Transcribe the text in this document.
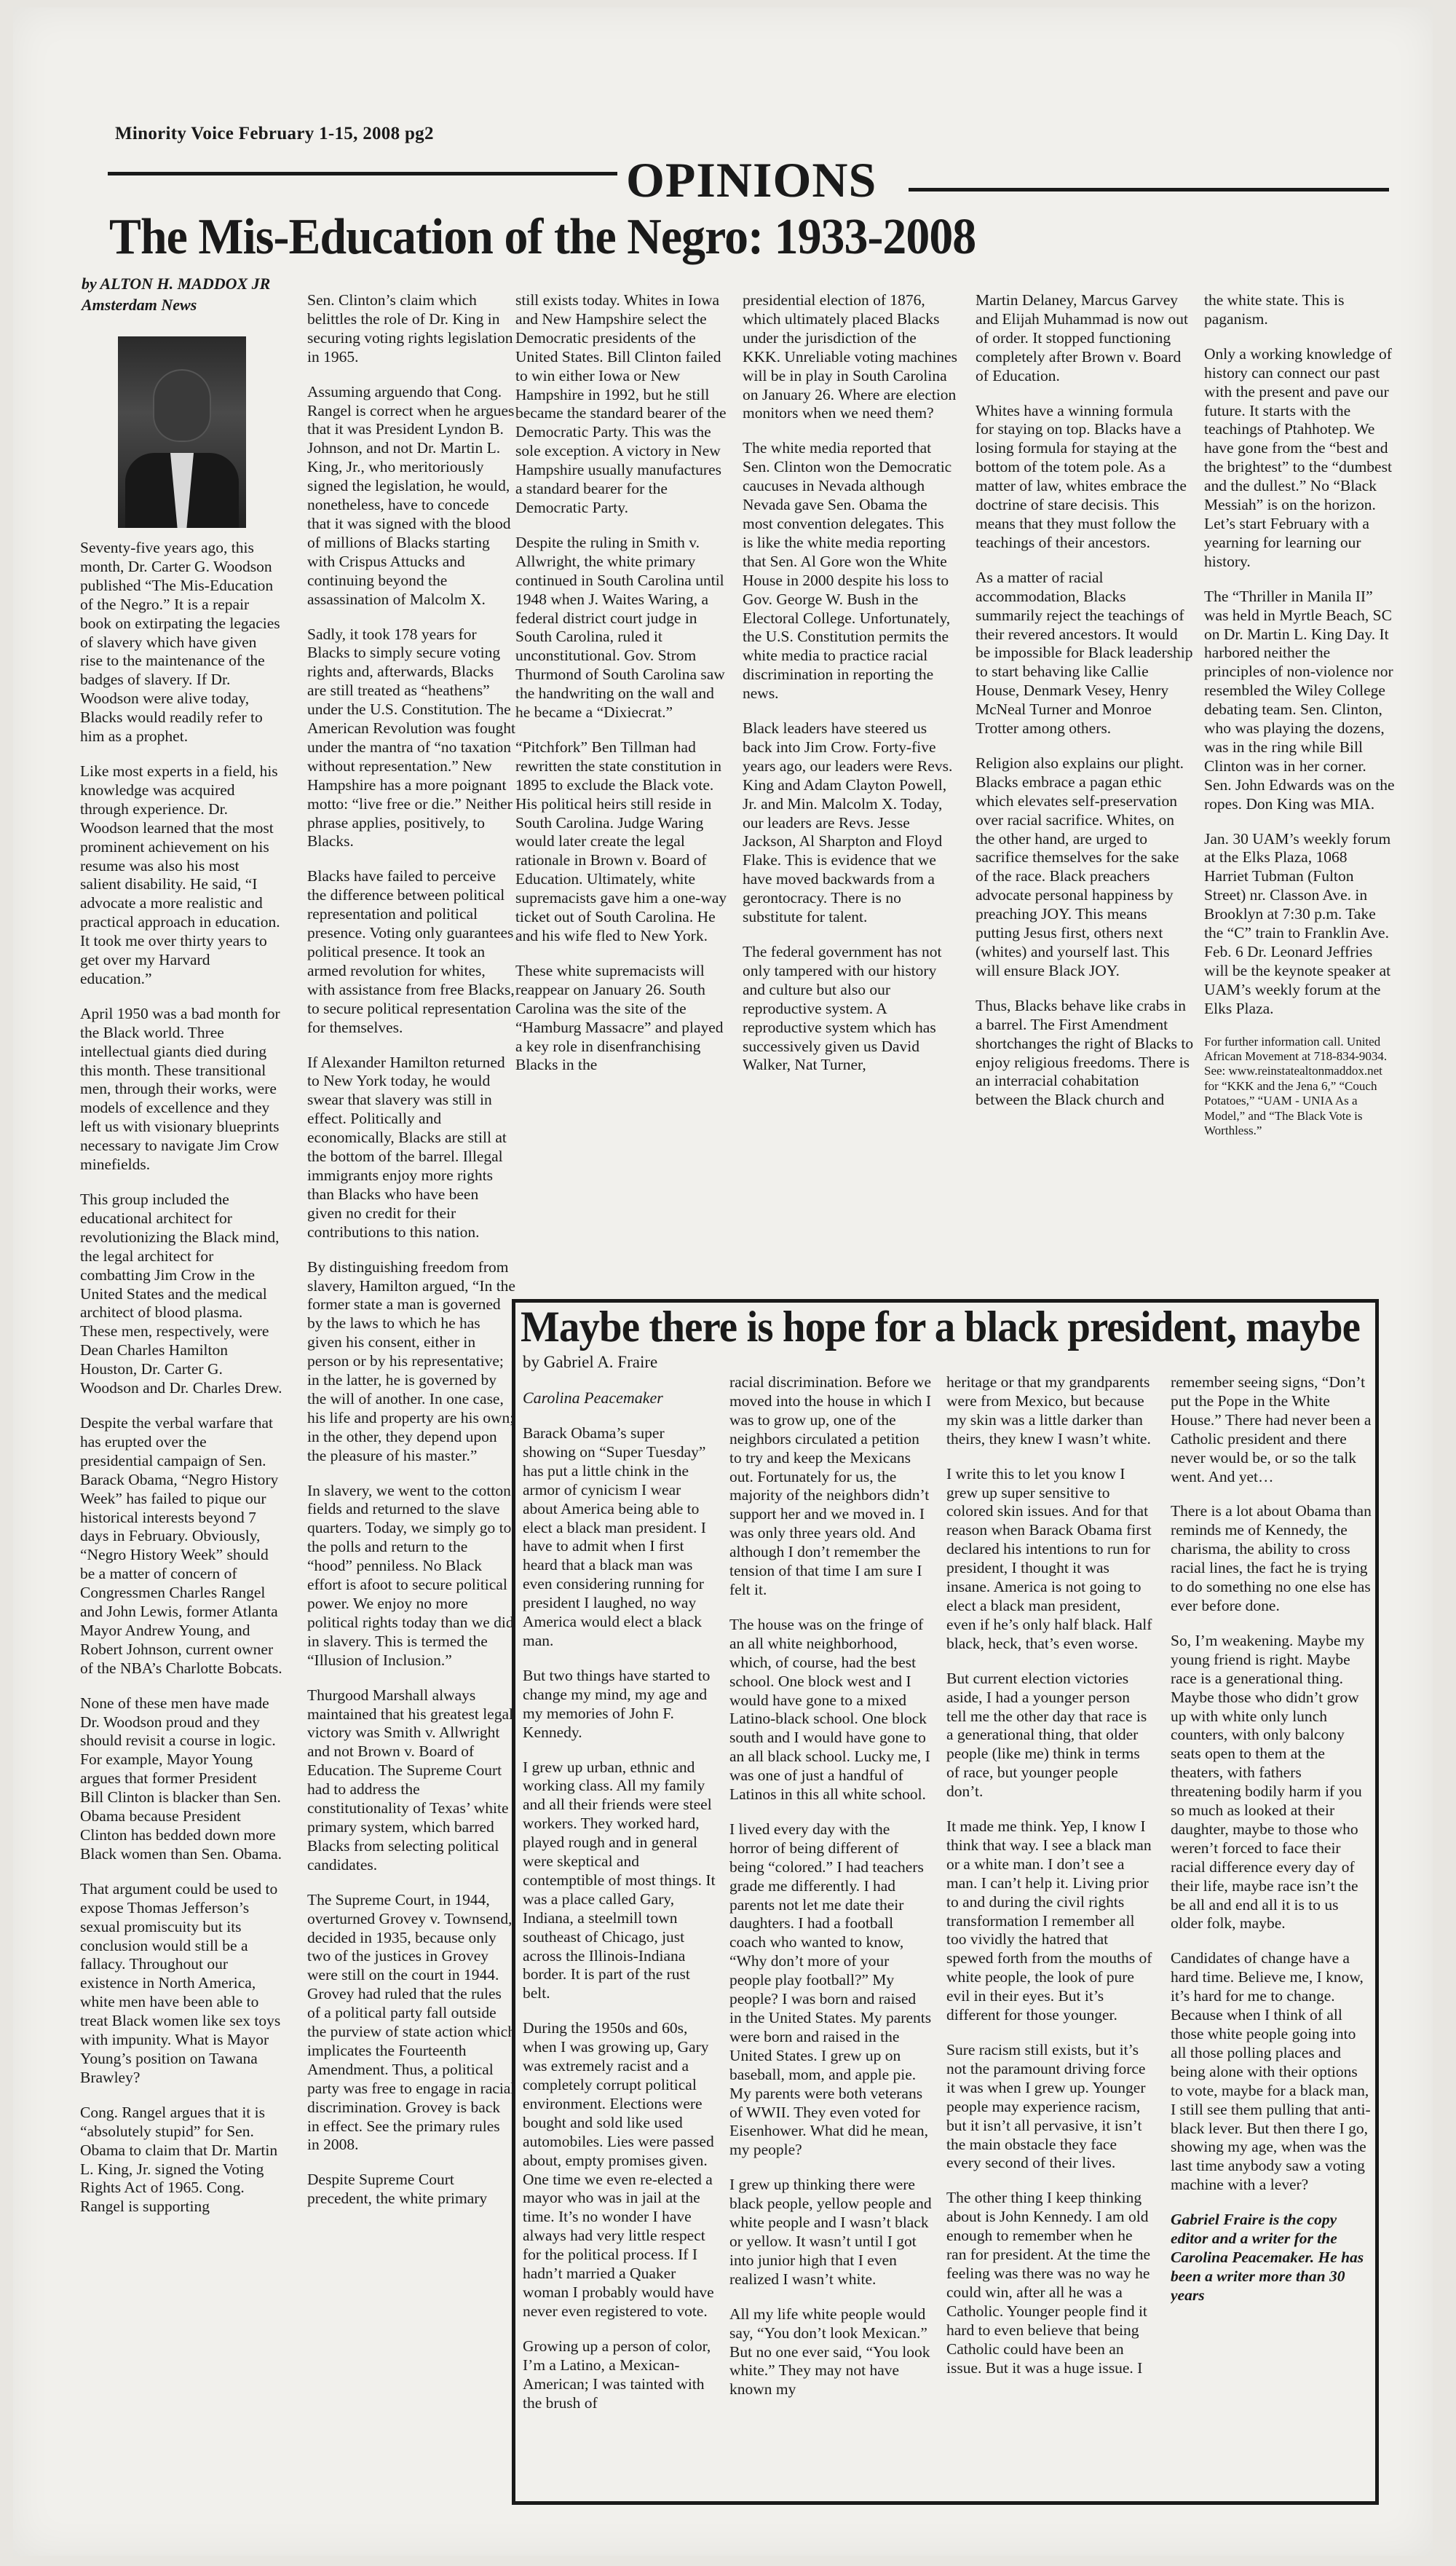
Minority Voice February 1-15, 2008 pg2
OPINIONS
The Mis-Education of the Negro: 1933-2008
by ALTON H. MADDOX JR
Amsterdam News

Seventy-five years ago, this month, Dr. Carter G. Woodson published “The Mis-Education of the Negro.” It is a repair book on extirpating the legacies of slavery which have given rise to the maintenance of the badges of slavery. If Dr. Woodson were alive today, Blacks would readily refer to him as a prophet.

Like most experts in a field, his knowledge was acquired through experience. Dr. Woodson learned that the most prominent achievement on his resume was also his most salient disability. He said, “I advocate a more realistic and practical approach in education. It took me over thirty years to get over my Harvard education.”

April 1950 was a bad month for the Black world. Three intellectual giants died during this month. These transitional men, through their works, were models of excellence and they left us with visionary blueprints necessary to navigate Jim Crow minefields.

This group included the educational architect for revolutionizing the Black mind, the legal architect for combatting Jim Crow in the United States and the medical architect of blood plasma. These men, respectively, were Dean Charles Hamilton Houston, Dr. Carter G. Woodson and Dr. Charles Drew.

Despite the verbal warfare that has erupted over the presidential campaign of Sen. Barack Obama, “Negro History Week” has failed to pique our historical interests beyond 7 days in February. Obviously, “Negro History Week” should be a matter of concern of Congressmen Charles Rangel and John Lewis, former Atlanta Mayor Andrew Young, and Robert Johnson, current owner of the NBA’s Charlotte Bobcats.

None of these men have made Dr. Woodson proud and they should revisit a course in logic. For example, Mayor Young argues that former President Bill Clinton is blacker than Sen. Obama because President Clinton has bedded down more Black women than Sen. Obama.

That argument could be used to expose Thomas Jefferson’s sexual promiscuity but its conclusion would still be a fallacy. Throughout our existence in North America, white men have been able to treat Black women like sex toys with impunity. What is Mayor Young’s position on Tawana Brawley?

Cong. Rangel argues that it is “absolutely stupid” for Sen. Obama to claim that Dr. Martin L. King, Jr. signed the Voting Rights Act of 1965. Cong. Rangel is supporting

Sen. Clinton’s claim which belittles the role of Dr. King in securing voting rights legislation in 1965.

Assuming arguendo that Cong. Rangel is correct when he argues that it was President Lyndon B. Johnson, and not Dr. Martin L. King, Jr., who meritoriously signed the legislation, he would, nonetheless, have to concede that it was signed with the blood of millions of Blacks starting with Crispus Attucks and continuing beyond the assassination of Malcolm X.

Sadly, it took 178 years for Blacks to simply secure voting rights and, afterwards, Blacks are still treated as “heathens” under the U.S. Constitution. The American Revolution was fought under the mantra of “no taxation without representation.” New Hampshire has a more poignant motto: “live free or die.” Neither phrase applies, positively, to Blacks.

Blacks have failed to perceive the difference between political representation and political presence. Voting only guarantees political presence. It took an armed revolution for whites, with assistance from free Blacks, to secure political representation for themselves.

If Alexander Hamilton returned to New York today, he would swear that slavery was still in effect. Politically and economically, Blacks are still at the bottom of the barrel. Illegal immigrants enjoy more rights than Blacks who have been given no credit for their contributions to this nation.

By distinguishing freedom from slavery, Hamilton argued, “In the former state a man is governed by the laws to which he has given his consent, either in person or by his representative; in the latter, he is governed by the will of another. In one case, his life and property are his own; in the other, they depend upon the pleasure of his master.”

In slavery, we went to the cotton fields and returned to the slave quarters. Today, we simply go to the polls and return to the “hood” penniless. No Black effort is afoot to secure political power. We enjoy no more political rights today than we did in slavery. This is termed the “Illusion of Inclusion.”

Thurgood Marshall always maintained that his greatest legal victory was Smith v. Allwright and not Brown v. Board of Education. The Supreme Court had to address the constitutionality of Texas’ white primary system, which barred Blacks from selecting political candidates.

The Supreme Court, in 1944, overturned Grovey v. Townsend, decided in 1935, because only two of the justices in Grovey were still on the court in 1944. Grovey had ruled that the rules of a political party fall outside the purview of state action which implicates the Fourteenth Amendment. Thus, a political party was free to engage in racial discrimination. Grovey is back in effect. See the primary rules in 2008.

Despite Supreme Court precedent, the white primary

still exists today. Whites in Iowa and New Hampshire select the Democratic presidents of the United States. Bill Clinton failed to win either Iowa or New Hampshire in 1992, but he still became the standard bearer of the Democratic Party. This was the sole exception. A victory in New Hampshire usually manufactures a standard bearer for the Democratic Party.

Despite the ruling in Smith v. Allwright, the white primary continued in South Carolina until 1948 when J. Waites Waring, a federal district court judge in South Carolina, ruled it unconstitutional. Gov. Strom Thurmond of South Carolina saw the handwriting on the wall and he became a “Dixiecrat.”

“Pitchfork” Ben Tillman had rewritten the state constitution in 1895 to exclude the Black vote. His political heirs still reside in South Carolina. Judge Waring would later create the legal rationale in Brown v. Board of Education. Ultimately, white supremacists gave him a one-way ticket out of South Carolina. He and his wife fled to New York.

These white supremacists will reappear on January 26. South Carolina was the site of the “Hamburg Massacre” and played a key role in disenfranchising Blacks in the

presidential election of 1876, which ultimately placed Blacks under the jurisdiction of the KKK. Unreliable voting machines will be in play in South Carolina on January 26. Where are election monitors when we need them?

The white media reported that Sen. Clinton won the Democratic caucuses in Nevada although Nevada gave Sen. Obama the most convention delegates. This is like the white media reporting that Sen. Al Gore won the White House in 2000 despite his loss to Gov. George W. Bush in the Electoral College. Unfortunately, the U.S. Constitution permits the white media to practice racial discrimination in reporting the news.

Black leaders have steered us back into Jim Crow. Forty-five years ago, our leaders were Revs. King and Adam Clayton Powell, Jr. and Min. Malcolm X. Today, our leaders are Revs. Jesse Jackson, Al Sharpton and Floyd Flake. This is evidence that we have moved backwards from a gerontocracy. There is no substitute for talent.

The federal government has not only tampered with our history and culture but also our reproductive system. A reproductive system which has successively given us David Walker, Nat Turner,

Martin Delaney, Marcus Garvey and Elijah Muhammad is now out of order. It stopped functioning completely after Brown v. Board of Education.

Whites have a winning formula for staying on top. Blacks have a losing formula for staying at the bottom of the totem pole. As a matter of law, whites embrace the doctrine of stare decisis. This means that they must follow the teachings of their ancestors.

As a matter of racial accommodation, Blacks summarily reject the teachings of their revered ancestors. It would be impossible for Black leadership to start behaving like Callie House, Denmark Vesey, Henry McNeal Turner and Monroe Trotter among others.

Religion also explains our plight. Blacks embrace a pagan ethic which elevates self-preservation over racial sacrifice. Whites, on the other hand, are urged to sacrifice themselves for the sake of the race. Black preachers advocate personal happiness by preaching JOY. This means putting Jesus first, others next (whites) and yourself last. This will ensure Black JOY.

Thus, Blacks behave like crabs in a barrel. The First Amendment shortchanges the right of Blacks to enjoy religious freedoms. There is an interracial cohabitation between the Black church and

the white state. This is paganism.

Only a working knowledge of history can connect our past with the present and pave our future. It starts with the teachings of Ptahhotep. We have gone from the “best and the brightest” to the “dumbest and the dullest.” No “Black Messiah” is on the horizon. Let’s start February with a yearning for learning our history.

The “Thriller in Manila II” was held in Myrtle Beach, SC on Dr. Martin L. King Day. It harbored neither the principles of non-violence nor resembled the Wiley College debating team. Sen. Clinton, who was playing the dozens, was in the ring while Bill Clinton was in her corner. Sen. John Edwards was on the ropes. Don King was MIA.

Jan. 30 UAM’s weekly forum at the Elks Plaza, 1068 Harriet Tubman (Fulton Street) nr. Classon Ave. in Brooklyn at 7:30 p.m. Take the “C” train to Franklin Ave.
Feb. 6 Dr. Leonard Jeffries will be the keynote speaker at UAM’s weekly forum at the Elks Plaza.

For further information call. United African Movement at 718-834-9034. See: www.reinstatealtonmaddox.net for “KKK and the Jena 6,” “Couch Potatoes,” “UAM - UNIA As a Model,” and “The Black Vote is Worthless.”

Maybe there is hope for a black president, maybe
by Gabriel A. Fraire
Carolina Peacemaker

Barack Obama’s super showing on “Super Tuesday” has put a little chink in the armor of cynicism I wear about America being able to elect a black man president. I have to admit when I first heard that a black man was even considering running for president I laughed, no way America would elect a black man.

But two things have started to change my mind, my age and my memories of John F. Kennedy.

I grew up urban, ethnic and working class. All my family and all their friends were steel workers. They worked hard, played rough and in general were skeptical and contemptible of most things. It was a place called Gary, Indiana, a steelmill town southeast of Chicago, just across the Illinois-Indiana border. It is part of the rust belt.

During the 1950s and 60s, when I was growing up, Gary was extremely racist and a completely corrupt political environment. Elections were bought and sold like used automobiles. Lies were passed about, empty promises given. One time we even re-elected a mayor who was in jail at the time. It’s no wonder I have always had very little respect for the political process. If I hadn’t married a Quaker woman I probably would have never even registered to vote.

Growing up a person of color, I’m a Latino, a Mexican-American; I was tainted with the brush of

racial discrimination. Before we moved into the house in which I was to grow up, one of the neighbors circulated a petition to try and keep the Mexicans out. Fortunately for us, the majority of the neighbors didn’t support her and we moved in. I was only three years old. And although I don’t remember the tension of that time I am sure I felt it.

The house was on the fringe of an all white neighborhood, which, of course, had the best school. One block west and I would have gone to a mixed Latino-black school. One block south and I would have gone to an all black school. Lucky me, I was one of just a handful of Latinos in this all white school.

I lived every day with the horror of being different of being “colored.” I had teachers grade me differently. I had parents not let me date their daughters. I had a football coach who wanted to know, “Why don’t more of your people play football?” My people? I was born and raised in the United States. My parents were born and raised in the United States. I grew up on baseball, mom, and apple pie. My parents were both veterans of WWII. They even voted for Eisenhower. What did he mean, my people?

I grew up thinking there were black people, yellow people and white people and I wasn’t black or yellow. It wasn’t until I got into junior high that I even realized I wasn’t white.

All my life white people would say, “You don’t look Mexican.” But no one ever said, “You look white.” They may not have known my

heritage or that my grandparents were from Mexico, but because my skin was a little darker than theirs, they knew I wasn’t white.

I write this to let you know I grew up super sensitive to colored skin issues. And for that reason when Barack Obama first declared his intentions to run for president, I thought it was insane. America is not going to elect a black man president, even if he’s only half black. Half black, heck, that’s even worse.

But current election victories aside, I had a younger person tell me the other day that race is a generational thing, that older people (like me) think in terms of race, but younger people don’t.

It made me think. Yep, I know I think that way. I see a black man or a white man. I don’t see a man. I can’t help it. Living prior to and during the civil rights transformation I remember all too vividly the hatred that spewed forth from the mouths of white people, the look of pure evil in their eyes. But it’s different for those younger.

Sure racism still exists, but it’s not the paramount driving force it was when I grew up. Younger people may experience racism, but it isn’t all pervasive, it isn’t the main obstacle they face every second of their lives.

The other thing I keep thinking about is John Kennedy. I am old enough to remember when he ran for president. At the time the feeling was there was no way he could win, after all he was a Catholic. Younger people find it hard to even believe that being Catholic could have been an issue. But it was a huge issue. I

remember seeing signs, “Don’t put the Pope in the White House.” There had never been a Catholic president and there never would be, or so the talk went. And yet…

There is a lot about Obama than reminds me of Kennedy, the charisma, the ability to cross racial lines, the fact he is trying to do something no one else has ever before done.

So, I’m weakening. Maybe my young friend is right. Maybe race is a generational thing. Maybe those who didn’t grow up with white only lunch counters, with only balcony seats open to them at the theaters, with fathers threatening bodily harm if you so much as looked at their daughter, maybe to those who weren’t forced to face their racial difference every day of their life, maybe race isn’t the be all and end all it is to us older folk, maybe.

Candidates of change have a hard time. Believe me, I know, it’s hard for me to change. Because when I think of all those white people going into all those polling places and being alone with their options to vote, maybe for a black man, I still see them pulling that anti-black lever. But then there I go, showing my age, when was the last time anybody saw a voting machine with a lever?

Gabriel Fraire is the copy editor and a writer for the Carolina Peacemaker. He has been a writer more than 30 years
